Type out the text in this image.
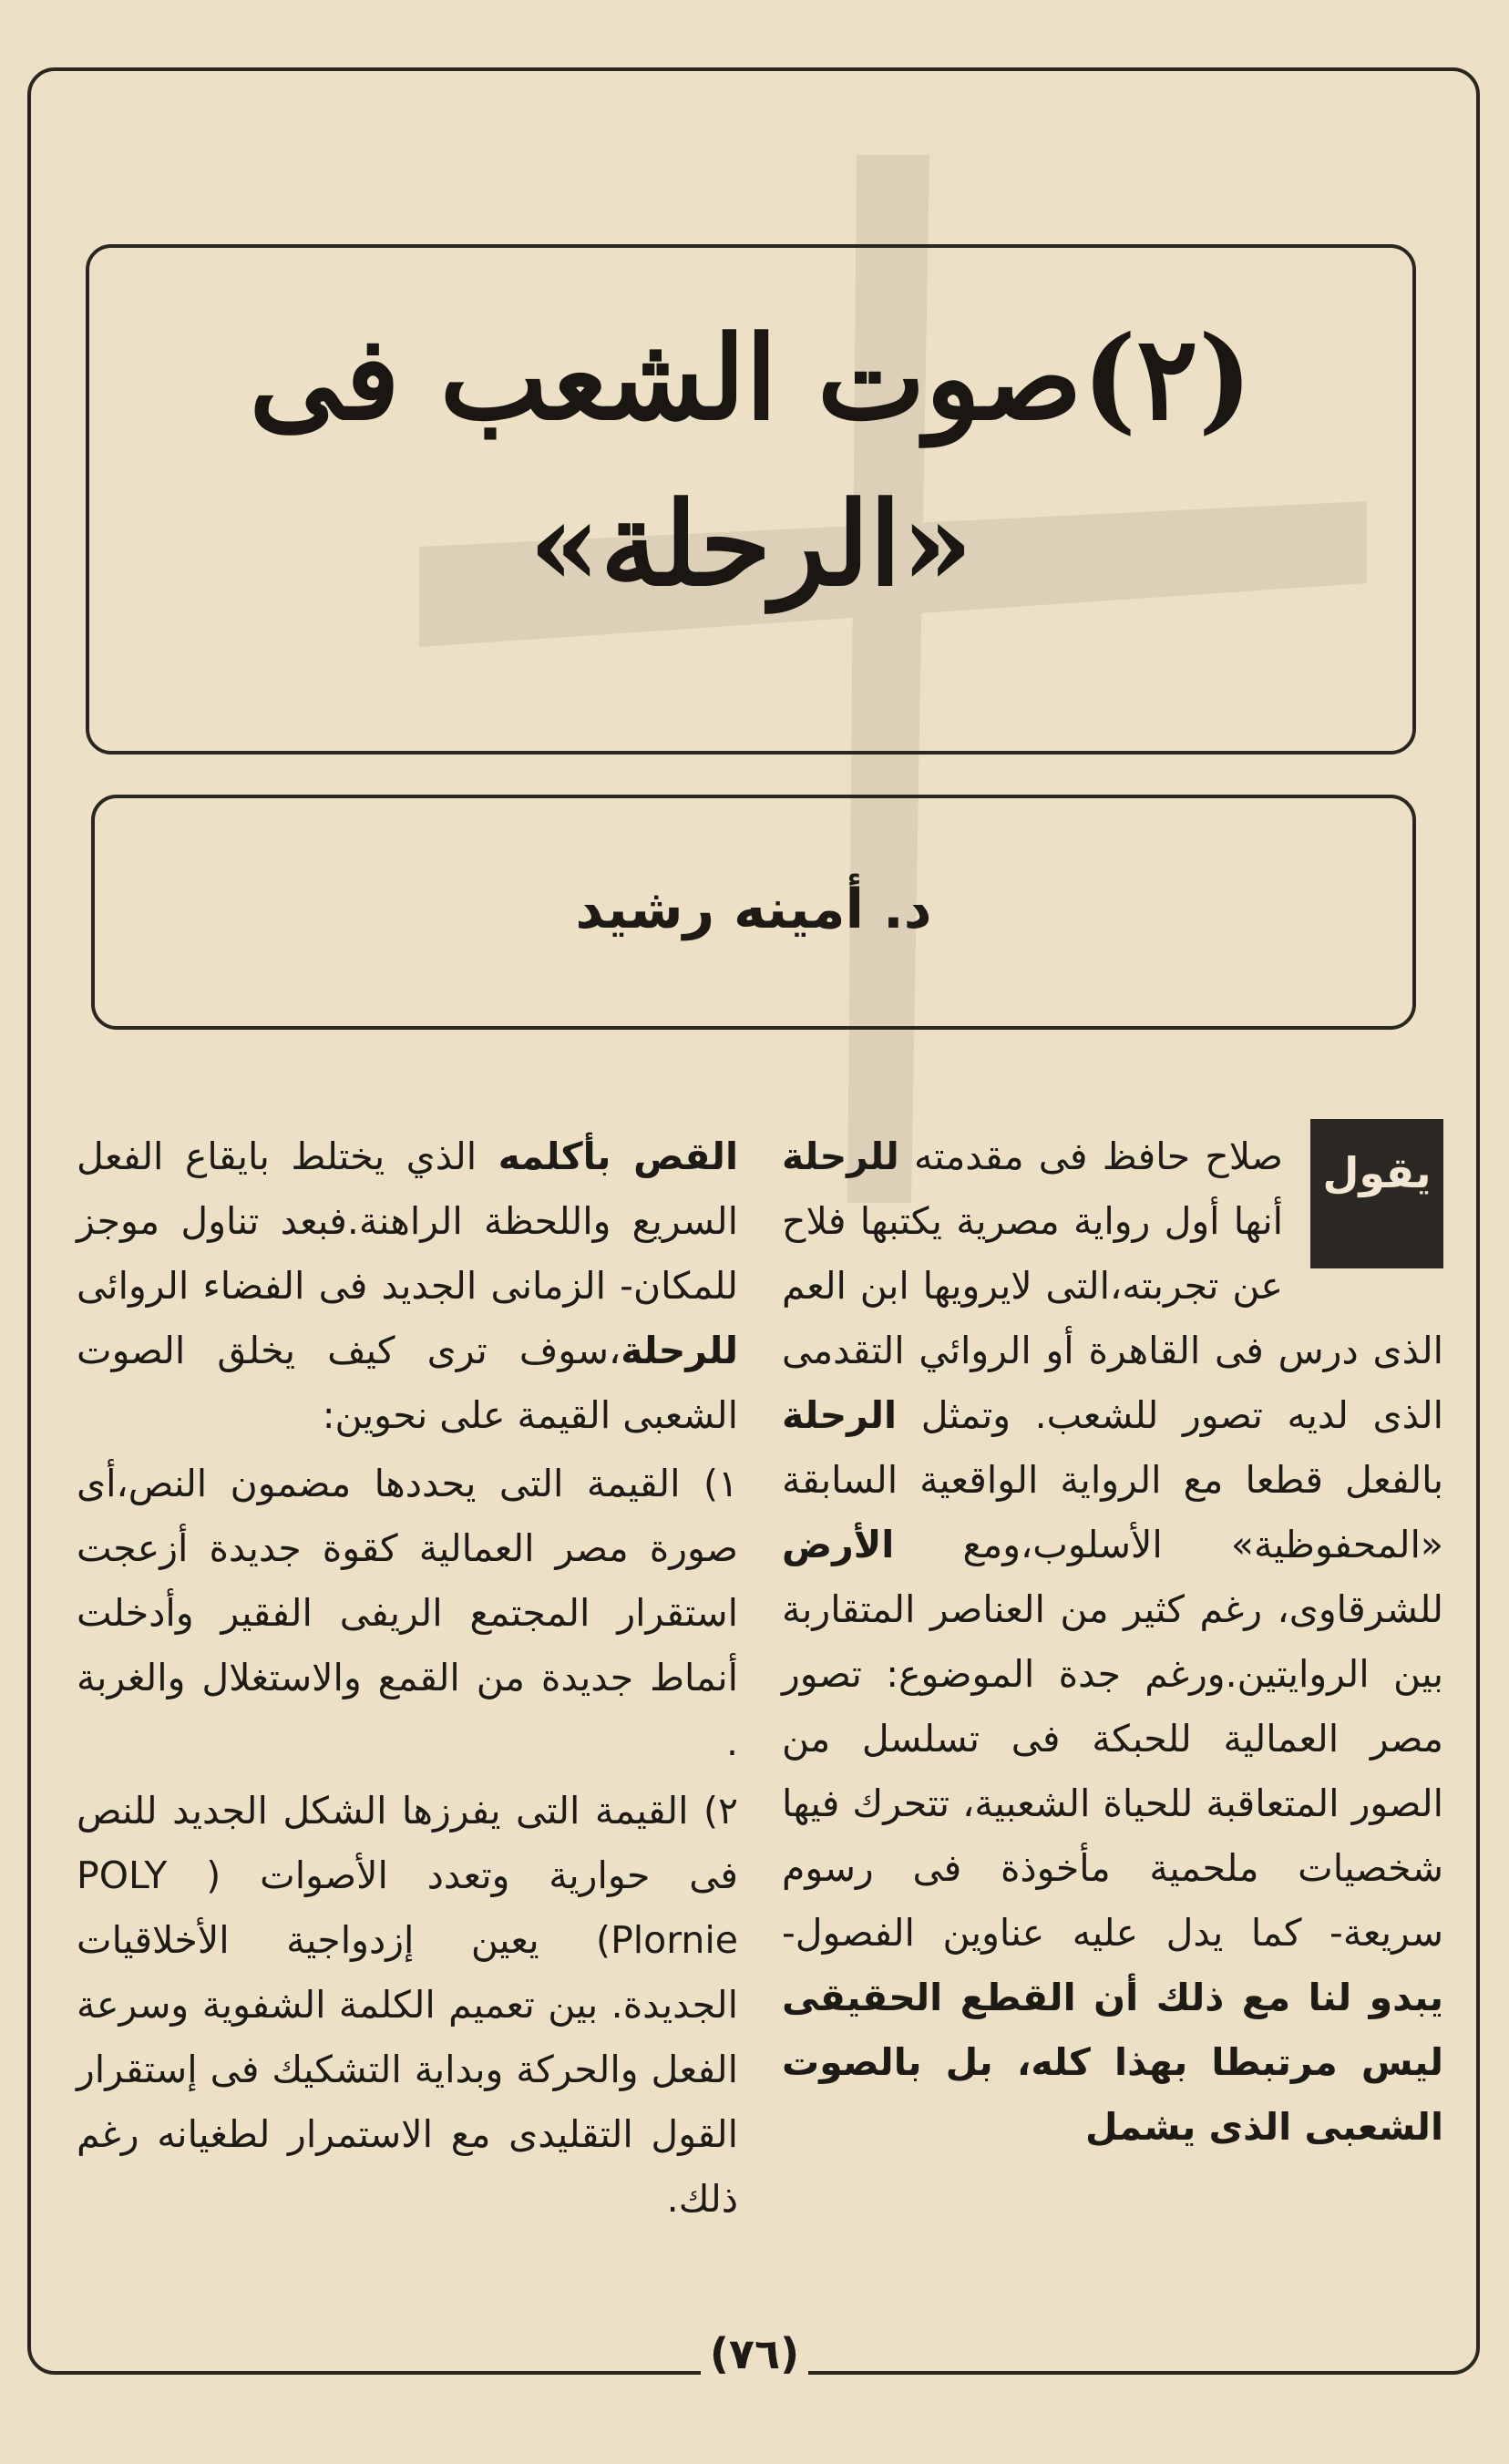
(٢)صوت الشعب فى
«الرحلة»
د. أمينه رشيد
يقول

صلاح حافظ فى مقدمته للرحلة أنها أول رواية مصرية يكتبها فلاح عن تجربته،التى لايرويها ابن العم الذى درس فى القاهرة أو الروائي التقدمى الذى لديه تصور للشعب. وتمثل الرحلة بالفعل قطعا مع الرواية الواقعية السابقة «المحفوظية» الأسلوب،ومع الأرض للشرقاوى، رغم كثير من العناصر المتقاربة بين الروايتين.ورغم جدة الموضوع: تصور مصر العمالية للحبكة فى تسلسل من الصور المتعاقبة للحياة الشعبية، تتحرك فيها شخصيات ملحمية مأخوذة فى رسوم سريعة- كما يدل عليه عناوين الفصول- يبدو لنا مع ذلك أن القطع الحقيقى ليس مرتبطا بهذا كله، بل بالصوت الشعبى الذى يشمل

القص بأكلمه الذي يختلط بايقاع الفعل السريع واللحظة الراهنة.فبعد تناول موجز للمكان- الزمانى الجديد فى الفضاء الروائى للرحلة،سوف ترى كيف يخلق الصوت الشعبى القيمة على نحوين:

١) القيمة التى يحددها مضمون النص،أى صورة مصر العمالية كقوة جديدة أزعجت استقرار المجتمع الريفى الفقير وأدخلت أنماط جديدة من القمع والاستغلال والغربة .

٢) القيمة التى يفرزها الشكل الجديد للنص فى حوارية وتعدد الأصوات ( POLY Plornie) يعين إزدواجية الأخلاقيات الجديدة. بين تعميم الكلمة الشفوية وسرعة الفعل والحركة وبداية التشكيك فى إستقرار القول التقليدى مع الاستمرار لطغيانه رغم ذلك.

(٧٦)
